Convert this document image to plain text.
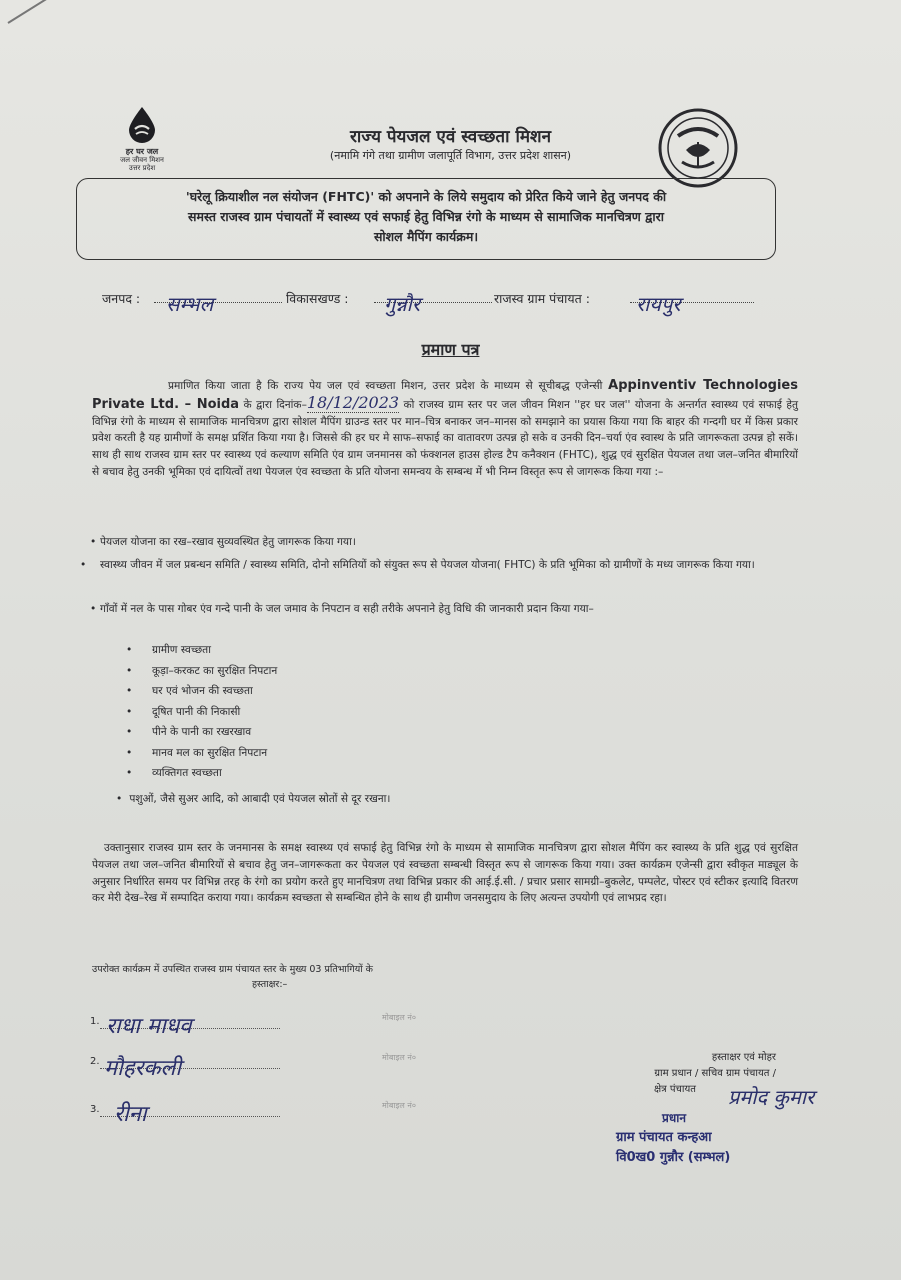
हर घर जल
जल जीवन मिशन
उत्तर प्रदेश
राज्य पेयजल एवं स्वच्छता मिशन
(नमामि गंगे तथा ग्रामीण जलापूर्ति विभाग, उत्तर प्रदेश शासन)
'घरेलू क्रियाशील नल संयोजन (FHTC)' को अपनाने के लिये समुदाय को प्रेरित किये जाने हेतु जनपद की
समस्त राजस्व ग्राम पंचायतों में स्वास्थ्य एवं सफाई हेतु विभिन्न रंगो के माध्यम से सामाजिक मानचित्रण द्वारा
सोशल मैपिंग कार्यक्रम।
जनपद : सम्भल	विकासखण्ड : गुन्नौर	राजस्व ग्राम पंचायत : रायपुर
प्रमाण पत्र
प्रमाणित किया जाता है कि राज्य पेय जल एवं स्वच्छता मिशन, उत्तर प्रदेश के माध्यम से सूचीबद्ध एजेन्सी Appinventiv Technologies Private Ltd. – Noida के द्वारा दिनांक–18/12/2023 को राजस्व ग्राम स्तर पर जल जीवन मिशन ''हर घर जल'' योजना के अन्तर्गत स्वास्थ्य एवं सफाई हेतु विभिन्न रंगो के माध्यम से सामाजिक मानचित्रण द्वारा सोशल मैपिंग ग्राउन्ड स्तर पर मान–चित्र बनाकर जन–मानस को समझाने का प्रयास किया गया कि बाहर की गन्दगी घर में किस प्रकार प्रवेश करती है यह ग्रामीणों के समक्ष प्रर्शित किया गया है। जिससे की हर घर मे साफ–सफाई का वातावरण उत्पन्न हो सके व उनकी दिन–चर्या एंव स्वास्थ के प्रति जागरूकता उत्पन्न हो सकें। साथ ही साथ राजस्व ग्राम स्तर पर स्वास्थ्य एवं कल्याण समिति एंव ग्राम जनमानस को फंक्शनल हाउस होल्ड टैप कनैक्शन (FHTC), शुद्ध एवं सुरक्षित पेयजल तथा जल–जनित बीमारियों से बचाव हेतु उनकी भूमिका एवं दायित्वों तथा पेयजल एंव स्वच्छता के प्रति योजना समन्वय के सम्बन्ध में भी निम्न विस्तृत रूप से जागरूक किया गया :–
• पेयजल योजना का रख–रखाव सुव्यवस्थित हेतु जागरूक किया गया।
• स्वास्थ्य जीवन में जल प्रबन्धन समिति / स्वास्थ्य समिति, दोनो समितियों को संयुक्त रूप से पेयजल योजना( FHTC) के प्रति भूमिका को ग्रामीणों के मध्य जागरूक किया गया।
• गाँवों में नल के पास गोबर एंव गन्दे पानी के जल जमाव के निपटान व सही तरीके अपनाने हेतु विधि की जानकारी प्रदान किया गया–
• ग्रामीण स्वच्छता
• कूड़ा–करकट का सुरक्षित निपटान
• घर एवं भोजन की स्वच्छता
• दूषित पानी की निकासी
• पीने के पानी का रखरखाव
• मानव मल का सुरक्षित निपटान
• व्यक्तिगत स्वच्छता
• पशुओं, जैसे सुअर आदि, को आबादी एवं पेयजल स्रोतों से दूर रखना।
उक्तानुसार राजस्व ग्राम स्तर के जनमानस के समक्ष स्वास्थ्य एवं सफाई हेतु विभिन्न रंगो के माध्यम से सामाजिक मानचित्रण द्वारा सोशल मैपिंग कर स्वास्थ्य के प्रति शुद्ध एवं सुरक्षित पेयजल तथा जल–जनित बीमारियों से बचाव हेतु जन–जागरूकता कर पेयजल एवं स्वच्छता सम्बन्धी विस्तृत रूप से जागरूक किया गया। उक्त कार्यक्रम एजेन्सी द्वारा स्वीकृत माड्यूल के अनुसार निर्धारित समय पर विभिन्न तरह के रंगो का प्रयोग करते हुए मानचित्रण तथा विभिन्न प्रकार की आई.ई.सी. / प्रचार प्रसार सामग्री–बुकलेट, पम्पलेट, पोस्टर एवं स्टीकर इत्यादि वितरण कर मेरी देख–रेख में सम्पादित कराया गया। कार्यक्रम स्वच्छता से सम्बन्धित होने के साथ ही ग्रामीण जनसमुदाय के लिए अत्यन्त उपयोगी एवं लाभप्रद रहा।
उपरोक्त कार्यक्रम में उपस्थित राजस्व ग्राम पंचायत स्तर के मुख्य 03 प्रतिभागियों के
हस्ताक्षर:–
1. राधा माधव	मोबाइल नं०
2. मौहरकली	मोबाइल नं०
3. रीना	मोबाइल नं०
हस्ताक्षर एवं मोहर
ग्राम प्रधान / सचिव ग्राम पंचायत /
क्षेत्र पंचायत	प्रमोद कुमार
प्रधान
ग्राम पंचायत कन्हआ
वि0ख0 गुन्नौर (सम्भल)
